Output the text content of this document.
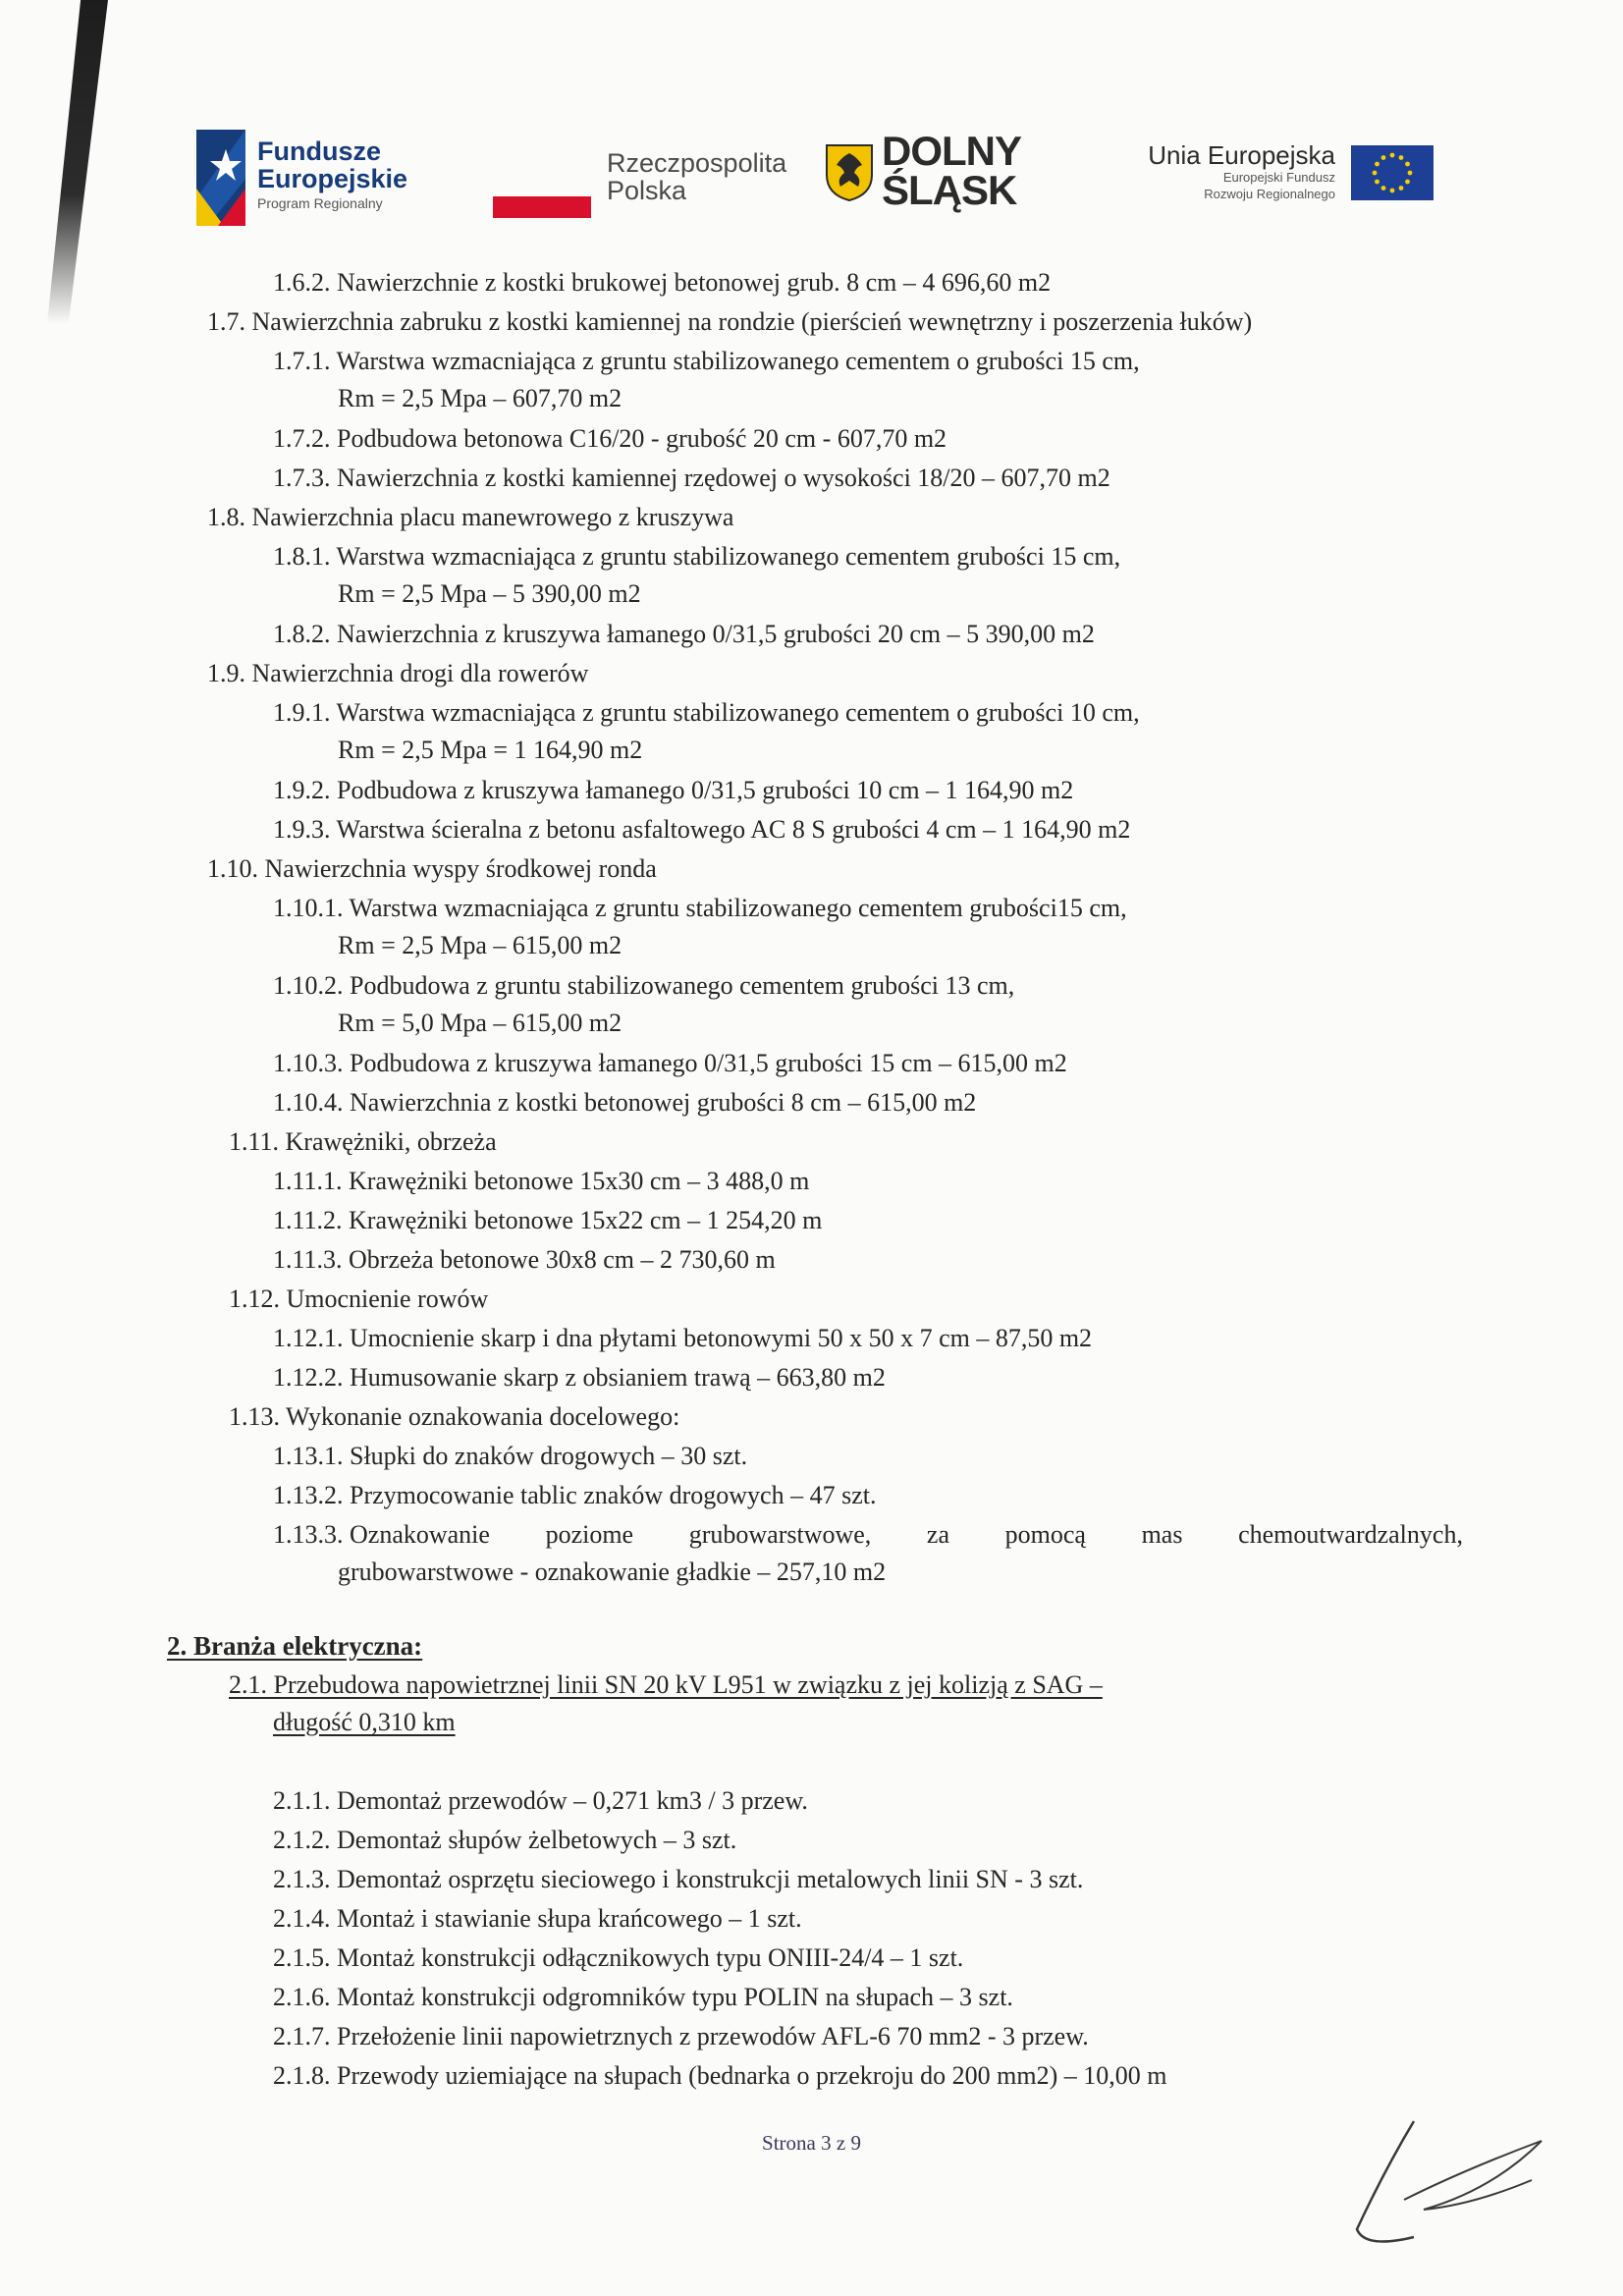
Fundusze
Europejskie
Program Regionalny
Rzeczpospolita
Polska
DOLNY
ŚLĄSK
Unia Europejska
Europejski Fundusz
Rozwoju Regionalnego
1.6.2. Nawierzchnie z kostki brukowej betonowej grub. 8 cm – 4 696,60 m2
1.7. Nawierzchnia zabruku z kostki kamiennej na rondzie (pierścień wewnętrzny i poszerzenia łuków)
1.7.1. Warstwa wzmacniająca z gruntu stabilizowanego cementem o grubości 15 cm,
Rm = 2,5 Mpa – 607,70 m2
1.7.2. Podbudowa betonowa C16/20 - grubość 20 cm - 607,70 m2
1.7.3. Nawierzchnia z kostki kamiennej rzędowej o wysokości 18/20 – 607,70 m2
1.8. Nawierzchnia placu manewrowego z kruszywa
1.8.1. Warstwa wzmacniająca z gruntu stabilizowanego cementem grubości 15 cm,
Rm = 2,5 Mpa – 5 390,00 m2
1.8.2. Nawierzchnia z kruszywa łamanego 0/31,5 grubości 20 cm – 5 390,00 m2
1.9. Nawierzchnia drogi dla rowerów
1.9.1. Warstwa wzmacniająca z gruntu stabilizowanego cementem o grubości 10 cm,
Rm = 2,5 Mpa = 1 164,90 m2
1.9.2. Podbudowa z kruszywa łamanego 0/31,5 grubości 10 cm – 1 164,90 m2
1.9.3. Warstwa ścieralna z betonu asfaltowego AC 8 S grubości 4 cm – 1 164,90 m2
1.10. Nawierzchnia wyspy środkowej ronda
1.10.1. Warstwa wzmacniająca z gruntu stabilizowanego cementem grubości15 cm,
Rm = 2,5 Mpa – 615,00 m2
1.10.2. Podbudowa z gruntu stabilizowanego cementem grubości 13 cm,
Rm = 5,0 Mpa – 615,00 m2
1.10.3. Podbudowa z kruszywa łamanego 0/31,5 grubości 15 cm – 615,00 m2
1.10.4. Nawierzchnia z kostki betonowej grubości 8 cm – 615,00 m2
1.11. Krawężniki, obrzeża
1.11.1. Krawężniki betonowe 15x30 cm – 3 488,0 m
1.11.2. Krawężniki betonowe 15x22 cm – 1 254,20 m
1.11.3. Obrzeża betonowe 30x8 cm – 2 730,60 m
1.12. Umocnienie rowów
1.12.1. Umocnienie skarp i dna płytami betonowymi 50 x 50 x 7 cm – 87,50 m2
1.12.2. Humusowanie skarp z obsianiem trawą – 663,80 m2
1.13. Wykonanie oznakowania docelowego:
1.13.1. Słupki do znaków drogowych – 30 szt.
1.13.2. Przymocowanie tablic znaków drogowych – 47 szt.
1.13.3. Oznakowanie poziome grubowarstwowe, za pomocą mas chemoutwardzalnych,
grubowarstwowe - oznakowanie gładkie – 257,10 m2
2. Branża elektryczna:
2.1. Przebudowa napowietrznej linii SN 20 kV L951 w związku z jej kolizją z SAG –
długość 0,310 km
2.1.1. Demontaż przewodów – 0,271 km3 / 3 przew.
2.1.2. Demontaż słupów żelbetowych – 3 szt.
2.1.3. Demontaż osprzętu sieciowego i konstrukcji metalowych linii SN - 3 szt.
2.1.4. Montaż i stawianie słupa krańcowego – 1 szt.
2.1.5. Montaż konstrukcji odłącznikowych typu ONIII-24/4 – 1 szt.
2.1.6. Montaż konstrukcji odgromników typu POLIN na słupach – 3 szt.
2.1.7. Przełożenie linii napowietrznych z przewodów AFL-6 70 mm2 - 3 przew.
2.1.8. Przewody uziemiające na słupach (bednarka o przekroju do 200 mm2) – 10,00 m
Strona 3 z 9
